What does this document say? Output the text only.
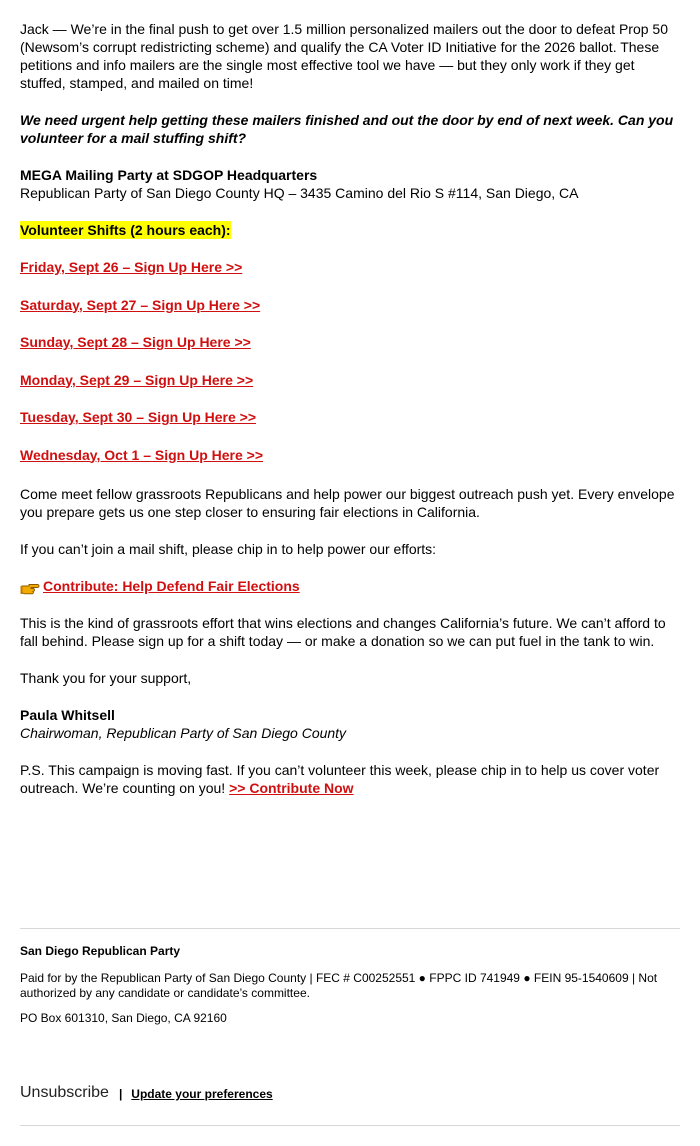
Jack — We’re in the final push to get over 1.5 million personalized mailers out the door to defeat Prop 50 (Newsom’s corrupt redistricting scheme) and qualify the CA Voter ID Initiative for the 2026 ballot. These petitions and info mailers are the single most effective tool we have — but they only work if they get stuffed, stamped, and mailed on time!

We need urgent help getting these mailers finished and out the door by end of next week. Can you volunteer for a mail stuffing shift?

MEGA Mailing Party at SDGOP Headquarters

Republican Party of San Diego County HQ – 3435 Camino del Rio S #114, San Diego, CA

Volunteer Shifts (2 hours each):

Friday, Sept 26 – Sign Up Here >>
Saturday, Sept 27 – Sign Up Here >>
Sunday, Sept 28 – Sign Up Here >>
Monday, Sept 29 – Sign Up Here >>
Tuesday, Sept 30 – Sign Up Here >>
Wednesday, Oct 1 – Sign Up Here >>

Come meet fellow grassroots Republicans and help power our biggest outreach push yet. Every envelope you prepare gets us one step closer to ensuring fair elections in California.

If you can’t join a mail shift, please chip in to help power our efforts:

Contribute: Help Defend Fair Elections

This is the kind of grassroots effort that wins elections and changes California’s future. We can’t afford to fall behind. Please sign up for a shift today — or make a donation so we can put fuel in the tank to win.

Thank you for your support,

Paula Whitsell

Chairwoman, Republican Party of San Diego County

P.S. This campaign is moving fast. If you can’t volunteer this week, please chip in to help us cover voter outreach. We’re counting on you! >> Contribute Now

San Diego Republican Party

Paid for by the Republican Party of San Diego County | FEC # C00252551 ● FPPC ID 741949 ● FEIN 95-1540609 | Not authorized by any candidate or candidate’s committee.

PO Box 601310, San Diego, CA 92160

Unsubscribe | Update your preferences
